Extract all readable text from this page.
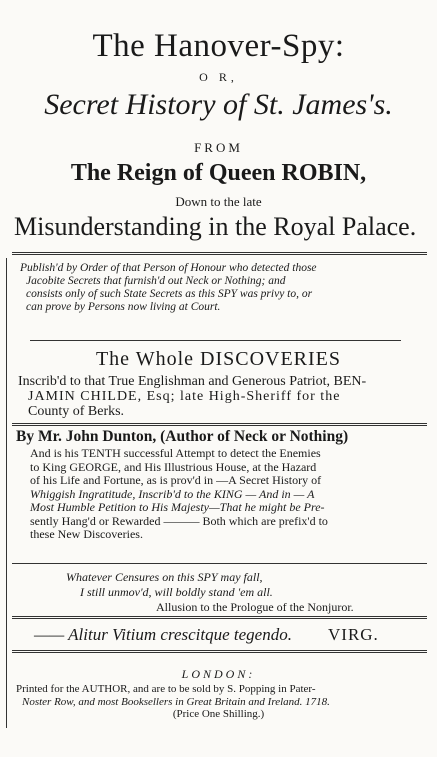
The Hanover-Spy:
O R,
Secret History of St. James's.
FROM
The Reign of Queen ROBIN,
Down to the late
Misunderstanding in the Royal Palace.
Publish'd by Order of that Person of Honour who detected those
Jacobite Secrets that furnish'd out Neck or Nothing; and
consists only of such State Secrets as this SPY was privy to, or
can prove by Persons now living at Court.
The Whole DISCOVERIES
Inscrib'd to that True Englishman and Generous Patriot, BEN-
JAMIN CHILDE, Esq; late High-Sheriff for the
County of Berks.
By Mr. John Dunton, (Author of Neck or Nothing)
And is his TENTH successful Attempt to detect the Enemies
to King GEORGE, and His Illustrious House, at the Hazard
of his Life and Fortune, as is prov'd in —A Secret History of
Whiggish Ingratitude, Inscrib'd to the KING — And in — A
Most Humble Petition to His Majesty—That he might be Pre-
sently Hang'd or Rewarded ——— Both which are prefix'd to
these New Discoveries.
Whatever Censures on this SPY may fall,
I still unmov'd, will boldly stand 'em all.
Allusion to the Prologue of the Nonjuror.
—— Alitur Vitium crescitque tegendo. VIRG.
LONDON:
Printed for the AUTHOR, and are to be sold by S. Popping in Pater-
Noster Row, and most Booksellers in Great Britain and Ireland. 1718.
(Price One Shilling.)
